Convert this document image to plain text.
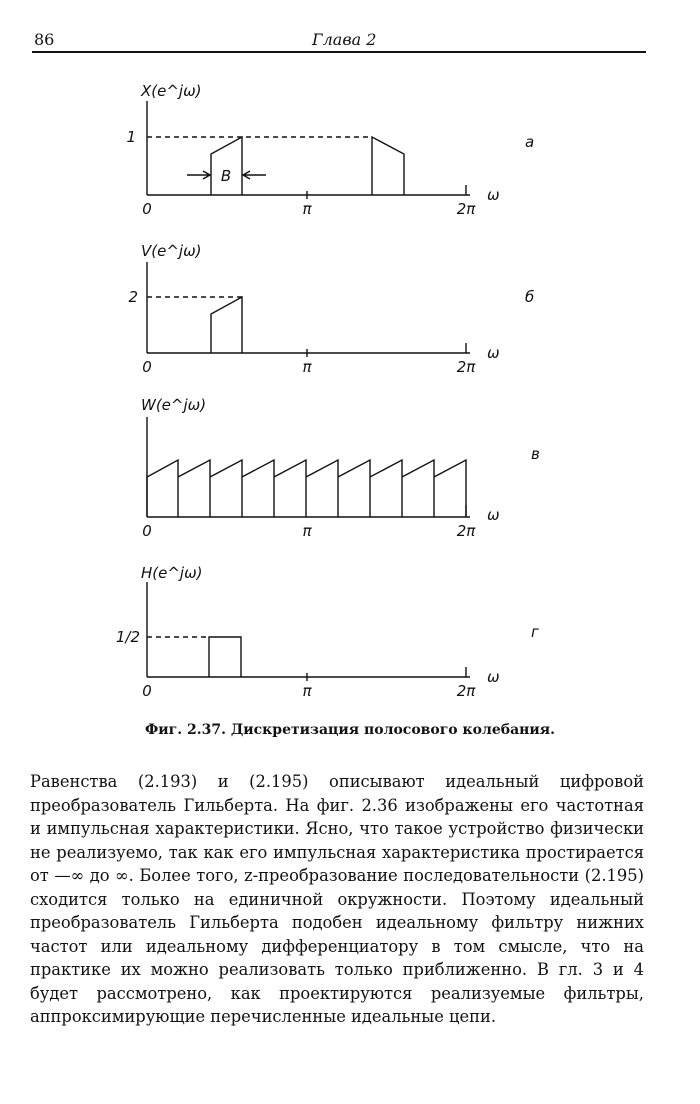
86	Глава 2
X(e^jω)
1
B
0	π	2π
ω
а
V(e^jω)
2
0	π	2π
ω
б
W(e^jω)
0	π	2π
ω
в
H(e^jω)
1/2
0	π	2π
ω
г
Фиг. 2.37. Дискретизация полосового колебания.

Равенства (2.193) и (2.195) описывают идеальный цифровой преобразователь Гильберта. На фиг. 2.36 изображены его частотная и импульсная характеристики. Ясно, что такое устройство физически не реализуемо, так как его импульсная характеристика простирается от —∞ до ∞. Более того, z-преобразование последовательности (2.195) сходится только на единичной окружности. Поэтому идеальный преобразователь Гильберта подобен идеальному фильтру нижних частот или идеальному дифференциатору в том смысле, что на практике их можно реализовать только приближенно. В гл. 3 и 4 будет рассмотрено, как проектируются реализуемые фильтры, аппроксимирующие перечисленные идеальные цепи.
